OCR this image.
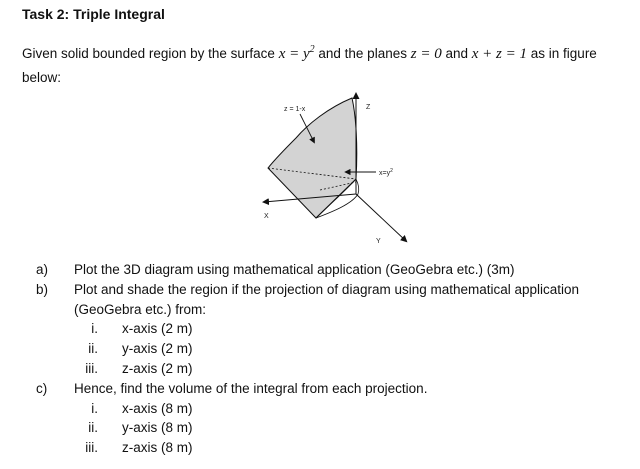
Task 2: Triple Integral
Given solid bounded region by the surface $x = y^2$ and the planes z = 0 and x + z = 1 as in figure below:
z = 1-x	Z
$x=y^2$
X
Y
a) Plot the 3D diagram using mathematical application (GeoGebra etc.) (3m)
b) Plot and shade the region if the projection of diagram using mathematical application
(GeoGebra etc.) from:
i. x-axis (2 m)
ii. y-axis (2 m)
iii. z-axis (2 m)
c) Hence, find the volume of the integral from each projection.
i. x-axis (8 m)
ii. y-axis (8 m)
iii. z-axis (8 m)
